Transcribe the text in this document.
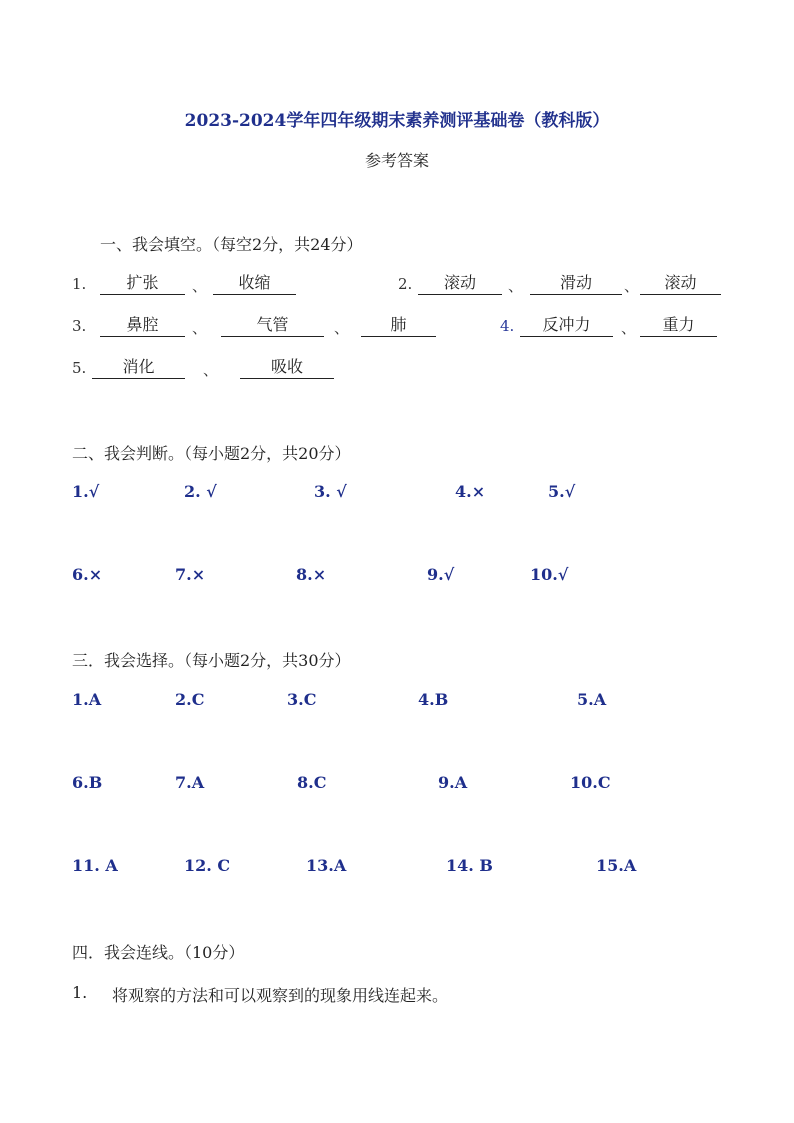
2023-2024学年四年级期末素养测评基础卷（教科版）
参考答案
一、我会填空。（每空2分，共24分）
1.	扩张	、	收缩	2.	滚动	、	滑动	、	滚动
3.	鼻腔	、	气管	、	肺	4.	反冲力	、	重力
5.	消化	、	吸收
二、我会判断。（每小题2分，共20分）
1.√	2. √	3. √	4.×	5.√
6.×	7.×	8.×	9.√	10.√
三．我会选择。（每小题2分，共30分）
1.A	2.C	3.C	4.B	5.A
6.B	7.A	8.C	9.A	10.C
11. A	12. C	13.A	14. B	15.A
四．我会连线。（10分）
1. 将观察的方法和可以观察到的现象用线连起来。
